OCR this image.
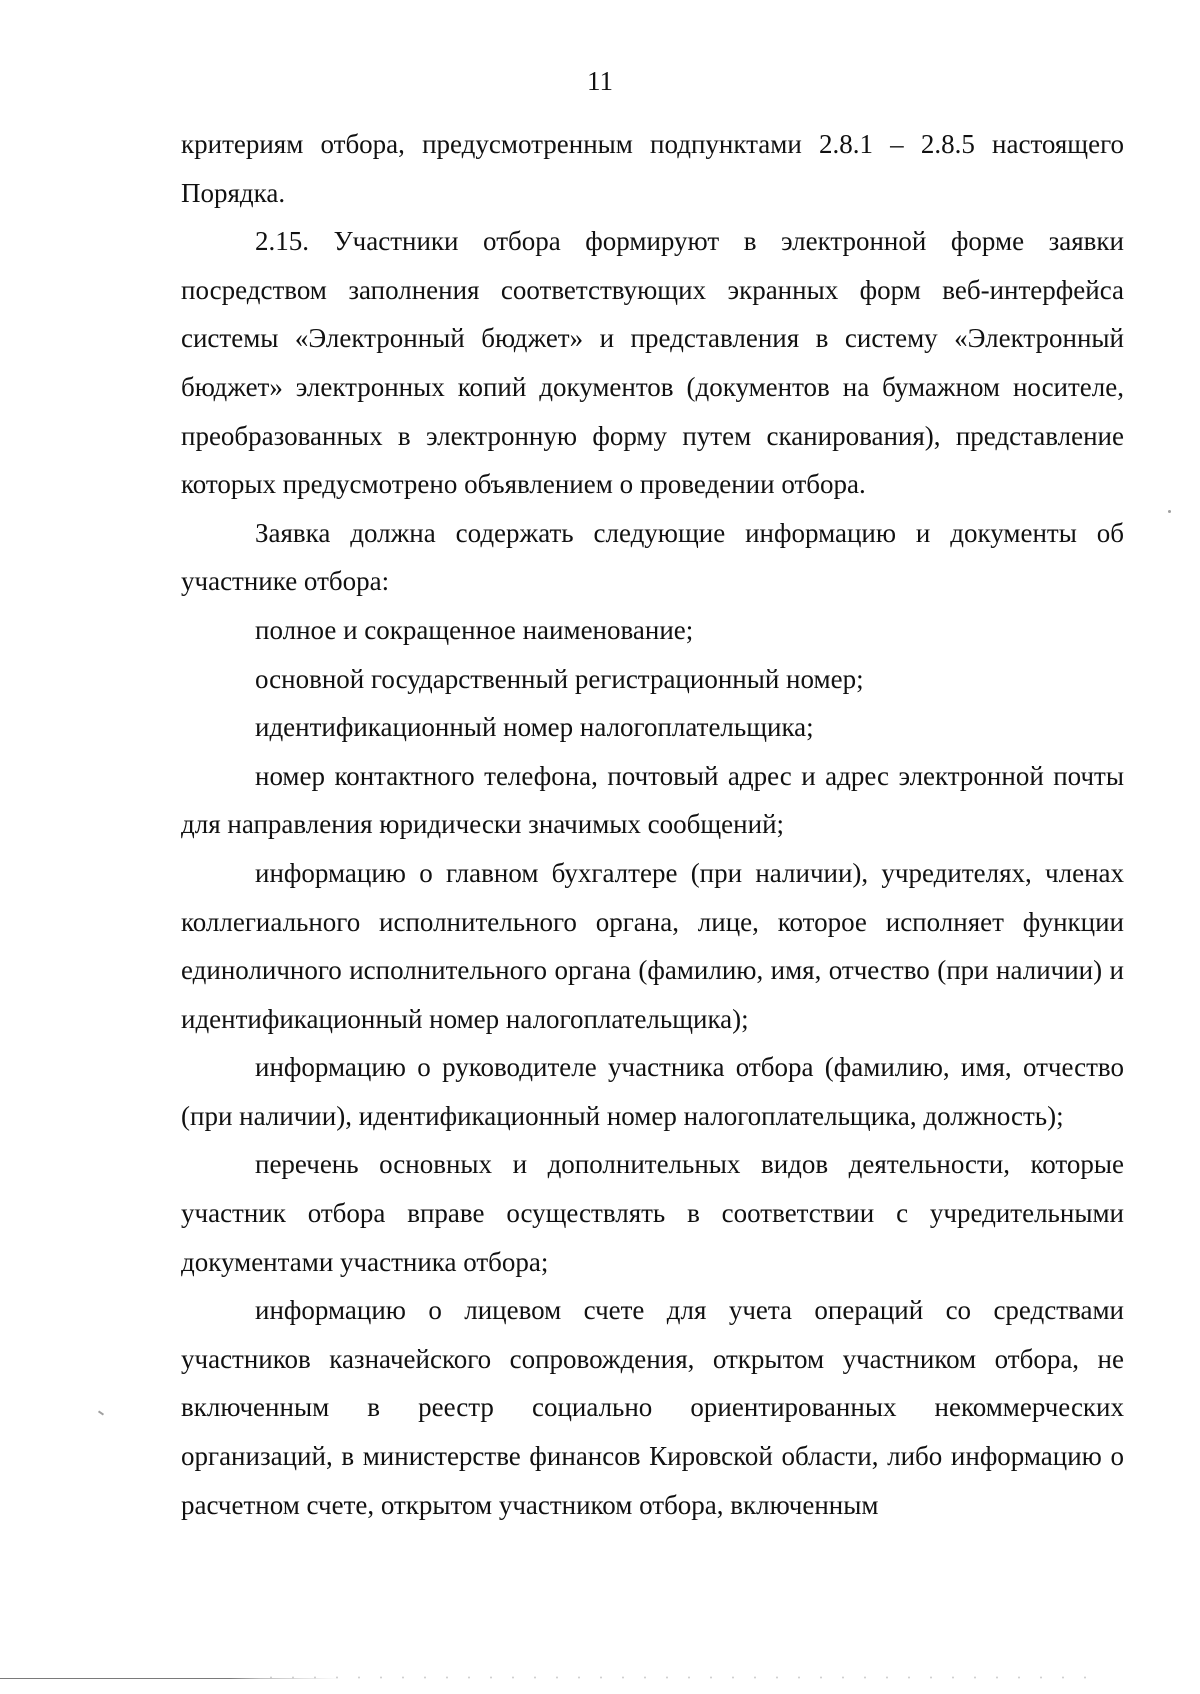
11

критериям отбора, предусмотренным подпунктами 2.8.1 – 2.8.5 настоящего Порядка.

2.15. Участники отбора формируют в электронной форме заявки посредством заполнения соответствующих экранных форм веб-интерфейса системы «Электронный бюджет» и представления в систему «Электронный бюджет» электронных копий документов (документов на бумажном носителе, преобразованных в электронную форму путем сканирования), представление которых предусмотрено объявлением о проведении отбора.

Заявка должна содержать следующие информацию и документы об участнике отбора:

полное и сокращенное наименование;

основной государственный регистрационный номер;

идентификационный номер налогоплательщика;

номер контактного телефона, почтовый адрес и адрес электронной почты для направления юридически значимых сообщений;

информацию о главном бухгалтере (при наличии), учредителях, членах коллегиального исполнительного органа, лице, которое исполняет функции единоличного исполнительного органа (фамилию, имя, отчество (при наличии) и идентификационный номер налогоплательщика);

информацию о руководителе участника отбора (фамилию, имя, отчество (при наличии), идентификационный номер налогоплательщика, должность);

перечень основных и дополнительных видов деятельности, которые участник отбора вправе осуществлять в соответствии с учредительными документами участника отбора;

информацию о лицевом счете для учета операций со средствами участников казначейского сопровождения, открытом участником отбора, не включенным в реестр социально ориентированных некоммерческих организаций, в министерстве финансов Кировской области, либо информацию о расчетном счете, открытом участником отбора, включенным
